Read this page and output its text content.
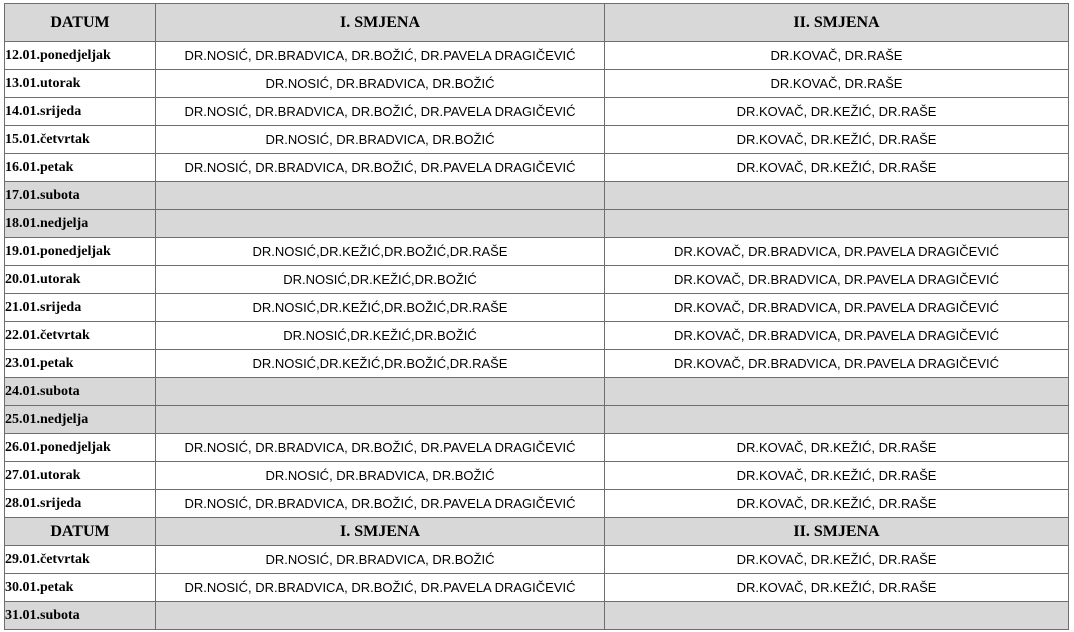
DATUM	I. SMJENA	II. SMJENA
12.01.ponedjeljak	DR.NOSIĆ, DR.BRADVICA, DR.BOŽIĆ, DR.PAVELA DRAGIČEVIĆ	DR.KOVAČ, DR.RAŠE
13.01.utorak	DR.NOSIĆ, DR.BRADVICA, DR.BOŽIĆ	DR.KOVAČ, DR.RAŠE
14.01.srijeda	DR.NOSIĆ, DR.BRADVICA, DR.BOŽIĆ, DR.PAVELA DRAGIČEVIĆ	DR.KOVAČ, DR.KEŽIĆ, DR.RAŠE
15.01.četvrtak	DR.NOSIĆ, DR.BRADVICA, DR.BOŽIĆ	DR.KOVAČ, DR.KEŽIĆ, DR.RAŠE
16.01.petak	DR.NOSIĆ, DR.BRADVICA, DR.BOŽIĆ, DR.PAVELA DRAGIČEVIĆ	DR.KOVAČ, DR.KEŽIĆ, DR.RAŠE
17.01.subota		
18.01.nedjelja		
19.01.ponedjeljak	DR.NOSIĆ,DR.KEŽIĆ,DR.BOŽIĆ,DR.RAŠE	DR.KOVAČ, DR.BRADVICA, DR.PAVELA DRAGIČEVIĆ
20.01.utorak	DR.NOSIĆ,DR.KEŽIĆ,DR.BOŽIĆ	DR.KOVAČ, DR.BRADVICA, DR.PAVELA DRAGIČEVIĆ
21.01.srijeda	DR.NOSIĆ,DR.KEŽIĆ,DR.BOŽIĆ,DR.RAŠE	DR.KOVAČ, DR.BRADVICA, DR.PAVELA DRAGIČEVIĆ
22.01.četvrtak	DR.NOSIĆ,DR.KEŽIĆ,DR.BOŽIĆ	DR.KOVAČ, DR.BRADVICA, DR.PAVELA DRAGIČEVIĆ
23.01.petak	DR.NOSIĆ,DR.KEŽIĆ,DR.BOŽIĆ,DR.RAŠE	DR.KOVAČ, DR.BRADVICA, DR.PAVELA DRAGIČEVIĆ
24.01.subota		
25.01.nedjelja		
26.01.ponedjeljak	DR.NOSIĆ, DR.BRADVICA, DR.BOŽIĆ, DR.PAVELA DRAGIČEVIĆ	DR.KOVAČ, DR.KEŽIĆ, DR.RAŠE
27.01.utorak	DR.NOSIĆ, DR.BRADVICA, DR.BOŽIĆ	DR.KOVAČ, DR.KEŽIĆ, DR.RAŠE
28.01.srijeda	DR.NOSIĆ, DR.BRADVICA, DR.BOŽIĆ, DR.PAVELA DRAGIČEVIĆ	DR.KOVAČ, DR.KEŽIĆ, DR.RAŠE
DATUM	I. SMJENA	II. SMJENA
29.01.četvrtak	DR.NOSIĆ, DR.BRADVICA, DR.BOŽIĆ	DR.KOVAČ, DR.KEŽIĆ, DR.RAŠE
30.01.petak	DR.NOSIĆ, DR.BRADVICA, DR.BOŽIĆ, DR.PAVELA DRAGIČEVIĆ	DR.KOVAČ, DR.KEŽIĆ, DR.RAŠE
31.01.subota		
